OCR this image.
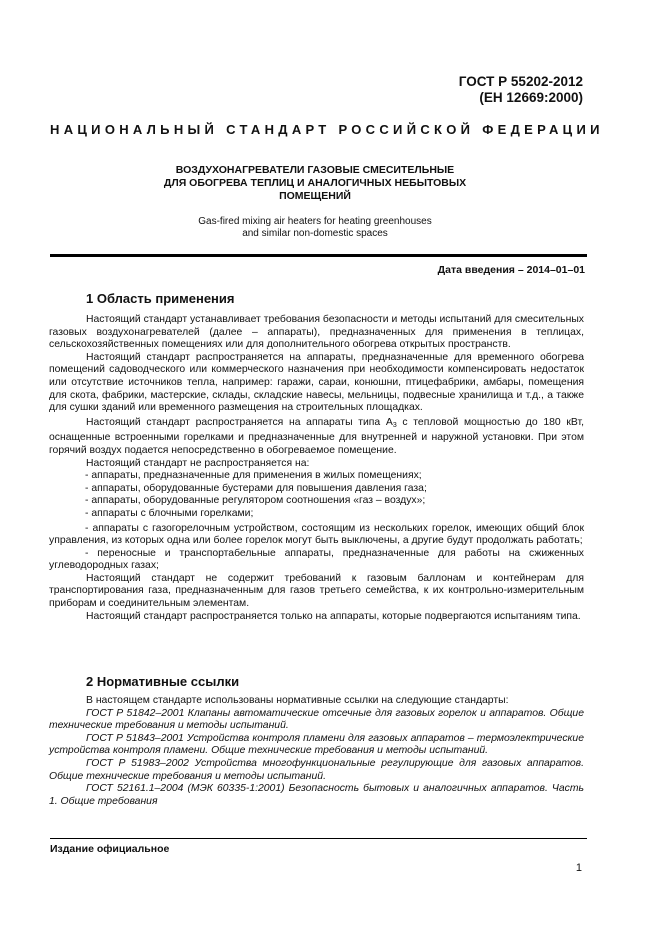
ГОСТ Р 55202-2012
(ЕН 12669:2000)
НАЦИОНАЛЬНЫЙ СТАНДАРТ РОССИЙСКОЙ ФЕДЕРАЦИИ
ВОЗДУХОНАГРЕВАТЕЛИ ГАЗОВЫЕ СМЕСИТЕЛЬНЫЕ
ДЛЯ ОБОГРЕВА ТЕПЛИЦ И АНАЛОГИЧНЫХ НЕБЫТОВЫХ
ПОМЕЩЕНИЙ
Gas-fired mixing air heaters for heating greenhouses
and similar non-domestic spaces
Дата введения – 2014–01–01
1 Область применения

Настоящий стандарт устанавливает требования безопасности и методы испытаний для смесительных газовых воздухонагревателей (далее – аппараты), предназначенных для применения в теплицах, сельскохозяйственных помещениях или для дополнительного обогрева открытых пространств.

Настоящий стандарт распространяется на аппараты, предназначенные для временного обогрева помещений садоводческого или коммерческого назначения при необходимости компенсировать недостаток или отсутствие источников тепла, например: гаражи, сараи, конюшни, птицефабрики, амбары, помещения для скота, фабрики, мастерские, склады, складские навесы, мельницы, подвесные хранилища и т.д., а также для сушки зданий или временного размещения на строительных площадках.

Настоящий стандарт распространяется на аппараты типа $А_3$ с тепловой мощностью до 180 кВт, оснащенные встроенными горелками и предназначенные для внутренней и наружной установки. При этом горячий воздух подается непосредственно в обогреваемое помещение.

Настоящий стандарт не распространяется на:

- аппараты, предназначенные для применения в жилых помещениях;

- аппараты, оборудованные бустерами для повышения давления газа;

- аппараты, оборудованные регулятором соотношения «газ – воздух»;

- аппараты с блочными горелками;

- аппараты с газогорелочным устройством, состоящим из нескольких горелок, имеющих общий блок управления, из которых одна или более горелок могут быть выключены, а другие будут продолжать работать;

- переносные и транспортабельные аппараты, предназначенные для работы на сжиженных углеводородных газах;

Настоящий стандарт не содержит требований к газовым баллонам и контейнерам для транспортирования газа, предназначенным для газов третьего семейства, к их контрольно-измерительным приборам и соединительным элементам.

Настоящий стандарт распространяется только на аппараты, которые подвергаются испытаниям типа.

2 Нормативные ссылки

В настоящем стандарте использованы нормативные ссылки на следующие стандарты:

ГОСТ Р 51842–2001 Клапаны автоматические отсечные для газовых горелок и аппаратов. Общие технические требования и методы испытаний.

ГОСТ Р 51843–2001 Устройства контроля пламени для газовых аппаратов – термоэлектрические устройства контроля пламени. Общие технические требования и методы испытаний.

ГОСТ Р 51983–2002 Устройства многофункциональные регулирующие для газовых аппаратов. Общие технические требования и методы испытаний.

ГОСТ 52161.1–2004 (МЭК 60335-1:2001) Безопасность бытовых и аналогичных аппаратов. Часть 1. Общие требования

Издание официальное
1
